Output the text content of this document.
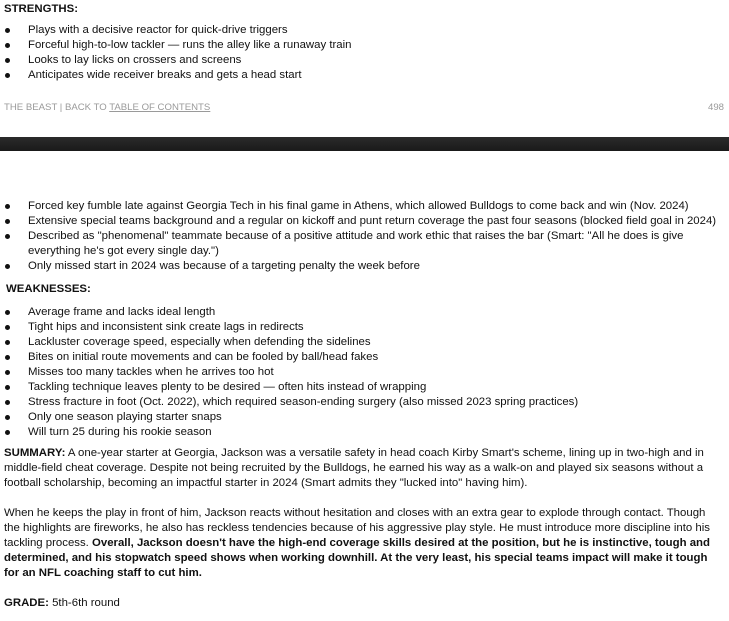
STRENGTHS:
Plays with a decisive reactor for quick-drive triggers
Forceful high-to-low tackler — runs the alley like a runaway train
Looks to lay licks on crossers and screens
Anticipates wide receiver breaks and gets a head start
THE BEAST | BACK TO TABLE OF CONTENTS	498
Forced key fumble late against Georgia Tech in his final game in Athens, which allowed Bulldogs to come back and win (Nov. 2024)
Extensive special teams background and a regular on kickoff and punt return coverage the past four seasons (blocked field goal in 2024)
Described as "phenomenal" teammate because of a positive attitude and work ethic that raises the bar (Smart: "All he does is give everything he's got every single day.")
Only missed start in 2024 was because of a targeting penalty the week before
WEAKNESSES:
Average frame and lacks ideal length
Tight hips and inconsistent sink create lags in redirects
Lackluster coverage speed, especially when defending the sidelines
Bites on initial route movements and can be fooled by ball/head fakes
Misses too many tackles when he arrives too hot
Tackling technique leaves plenty to be desired — often hits instead of wrapping
Stress fracture in foot (Oct. 2022), which required season-ending surgery (also missed 2023 spring practices)
Only one season playing starter snaps
Will turn 25 during his rookie season

SUMMARY: A one-year starter at Georgia, Jackson was a versatile safety in head coach Kirby Smart's scheme, lining up in two-high and in middle-field cheat coverage. Despite not being recruited by the Bulldogs, he earned his way as a walk-on and played six seasons without a football scholarship, becoming an impactful starter in 2024 (Smart admits they "lucked into" having him).

When he keeps the play in front of him, Jackson reacts without hesitation and closes with an extra gear to explode through contact. Though the highlights are fireworks, he also has reckless tendencies because of his aggressive play style. He must introduce more discipline into his tackling process. Overall, Jackson doesn't have the high-end coverage skills desired at the position, but he is instinctive, tough and determined, and his stopwatch speed shows when working downhill. At the very least, his special teams impact will make it tough for an NFL coaching staff to cut him.

GRADE: 5th-6th round
